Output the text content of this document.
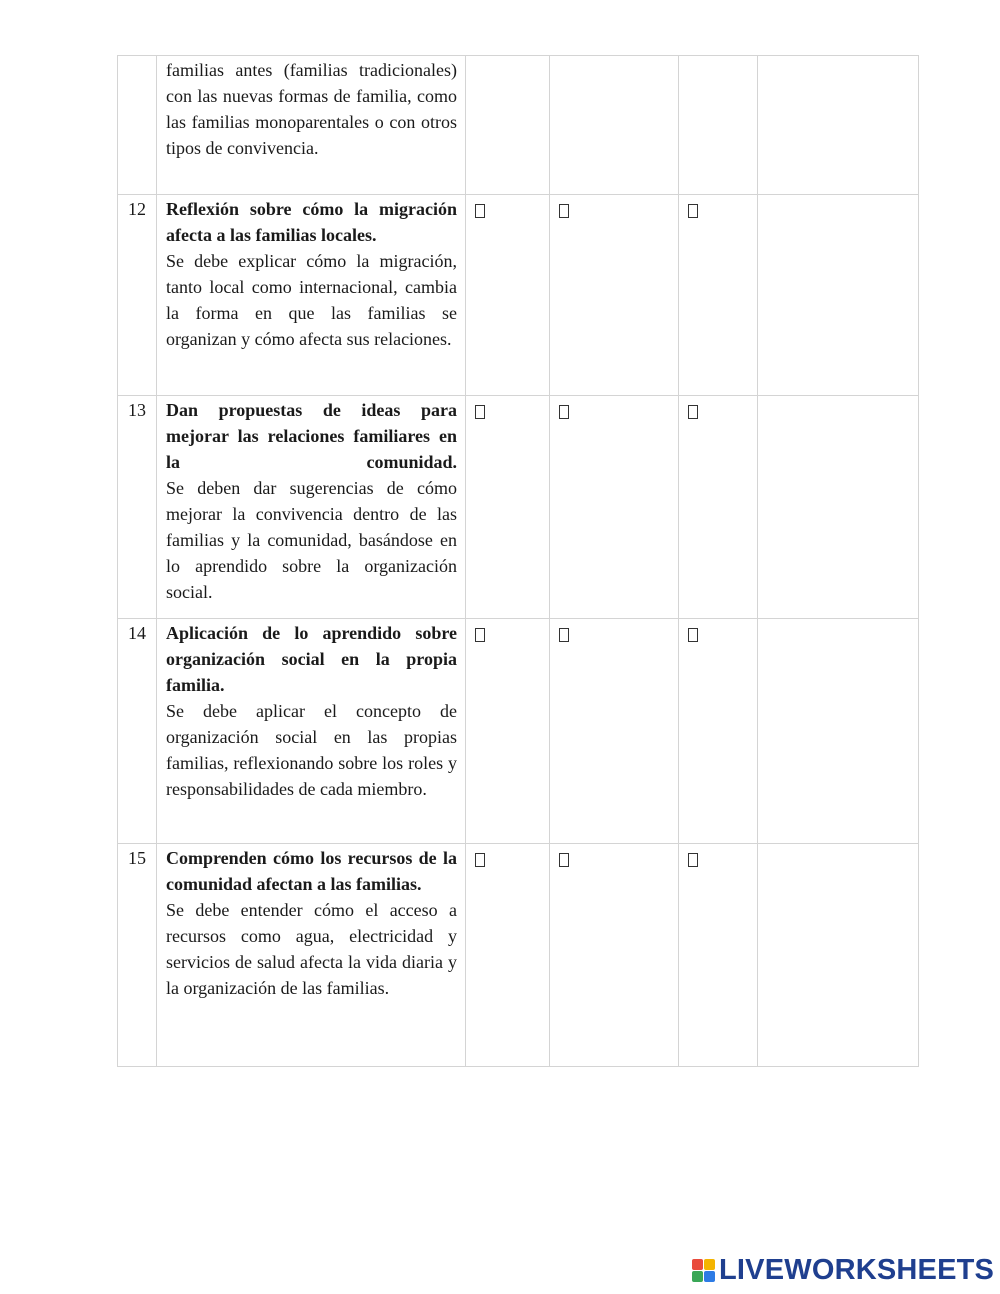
	familias antes (familias tradicionales) con las nuevas formas de familia, como las familias monoparentales o con otros tipos de convivencia.				

12	Reflexión sobre cómo la migración afecta a las familias locales.
Se debe explicar cómo la migración, tanto local como internacional, cambia la forma en que las familias se organizan y cómo afecta sus relaciones.				

13	Dan propuestas de ideas para mejorar las relaciones familiares en la comunidad.
Se deben dar sugerencias de cómo mejorar la convivencia dentro de las familias y la comunidad, basándose en lo aprendido sobre la organización social.				

14	Aplicación de lo aprendido sobre organización social en la propia familia.
Se debe aplicar el concepto de organización social en las propias familias, reflexionando sobre los roles y responsabilidades de cada miembro.				

15	Comprenden cómo los recursos de la comunidad afectan a las familias.
Se debe entender cómo el acceso a recursos como agua, electricidad y servicios de salud afecta la vida diaria y la organización de las familias.				

LIVEWORKSHEETS
